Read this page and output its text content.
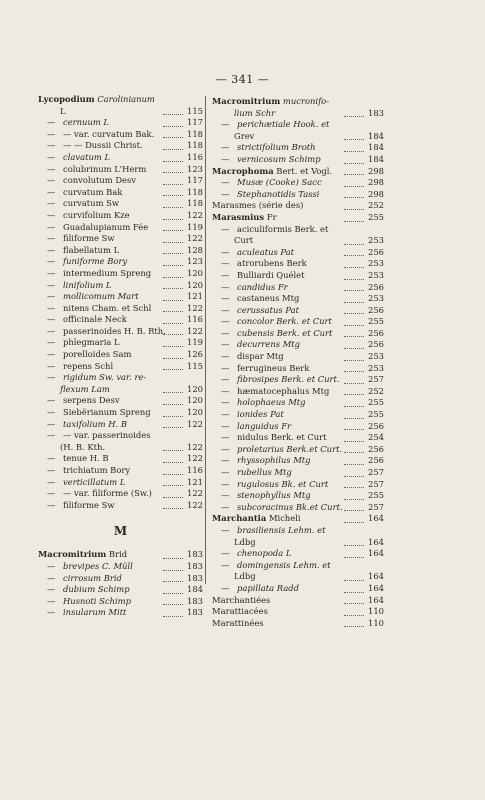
— 341 —
Lycopodium Carolinianum
L	115
— cernuum L	117
— — var. curvatum Bak.	118
— — — Dussii Christ.	118
— clavatum L	116
— colubrinum L'Herm	123
— convolutum Desv	117
— curvatum Bak	118
— curvatum Sw	118
— curvifolium Kze	122
— Guadalupianum Fée	119
— filiforme Sw	122
— flabellatum L	128
— funiforme Bory	123
— intermedium Spreng	120
— linifolium L	120
— mollicomum Mart	121
— nitens Cham. et Schl	122
— officinale Neck	116
— passerinoides H. B. Rth.	122
— phlegmaria L	119
— porelloides Sam	126
— repens Schl	115
— rigidum Sw. var. re-
flexum Lam	120
— serpens Desv	120
— Siebërianum Spreng	120
— taxifolium H. B	122
— — var. passerinoides
(H. B. Kth.	122
— tenue H. B	122
— trichiatum Bory	116
— verticillatum L	121
— — var. filiforme (Sw.)	122
— filiforme Sw	122
M
Macromitrium Brid	183
— brevipes C. Müll	183
— cirrosum Brid	183
— dubium Schimp	184
— Husnoti Schimp	183
— insularum Mitt	183
Macromitrium mucronifo-
lium Schr	183
— perichætiale Hook. et
Grev	184
— strictifolium Broth	184
— vernicosum Schimp	184
Macrophoma Bert. et Vogl.	298
— Musæ (Cooke) Sacc	298
— Stephanotidis Tassi	298
Marasmes (série des)	252
Marasmius Fr	255
— aciculiformis Berk. et
Curt	253
— aculeatus Pat	256
— atrorubens Berk	253
— Bulliardi Quélet	253
— candidus Fr	256
— castaneus Mtg	253
— cerussatus Pat	256
— concolor Berk. et Curt	255
— cubensis Berk. et Curt	256
— decurrens Mtg	256
— dispar Mtg	253
— ferrugineus Berk	253
— fibrosipes Berk. et Curt.	257
— hæmatocephalus Mtg	252
— holophaeus Mtg	255
— ionides Pat	255
— languidus Fr	256
— nidulus Berk. et Curt	254
— proletarius Berk.et Curt.	256
— rhyssophilus Mtg	256
— rubellus Mtg	257
— rugulosus Bk. et Curt	257
— stenophyllus Mtg	255
— subcoracinus Bk.et Curt.	257
Marchantia Micheli	164
— brasiliensis Lehm. et
Ldbg	164
— chenopoda L	164
— domingensis Lehm. et
Ldbg	164
— papillata Radd	164
Marchantiées	164
Marattiacées	110
Marattinées	110
